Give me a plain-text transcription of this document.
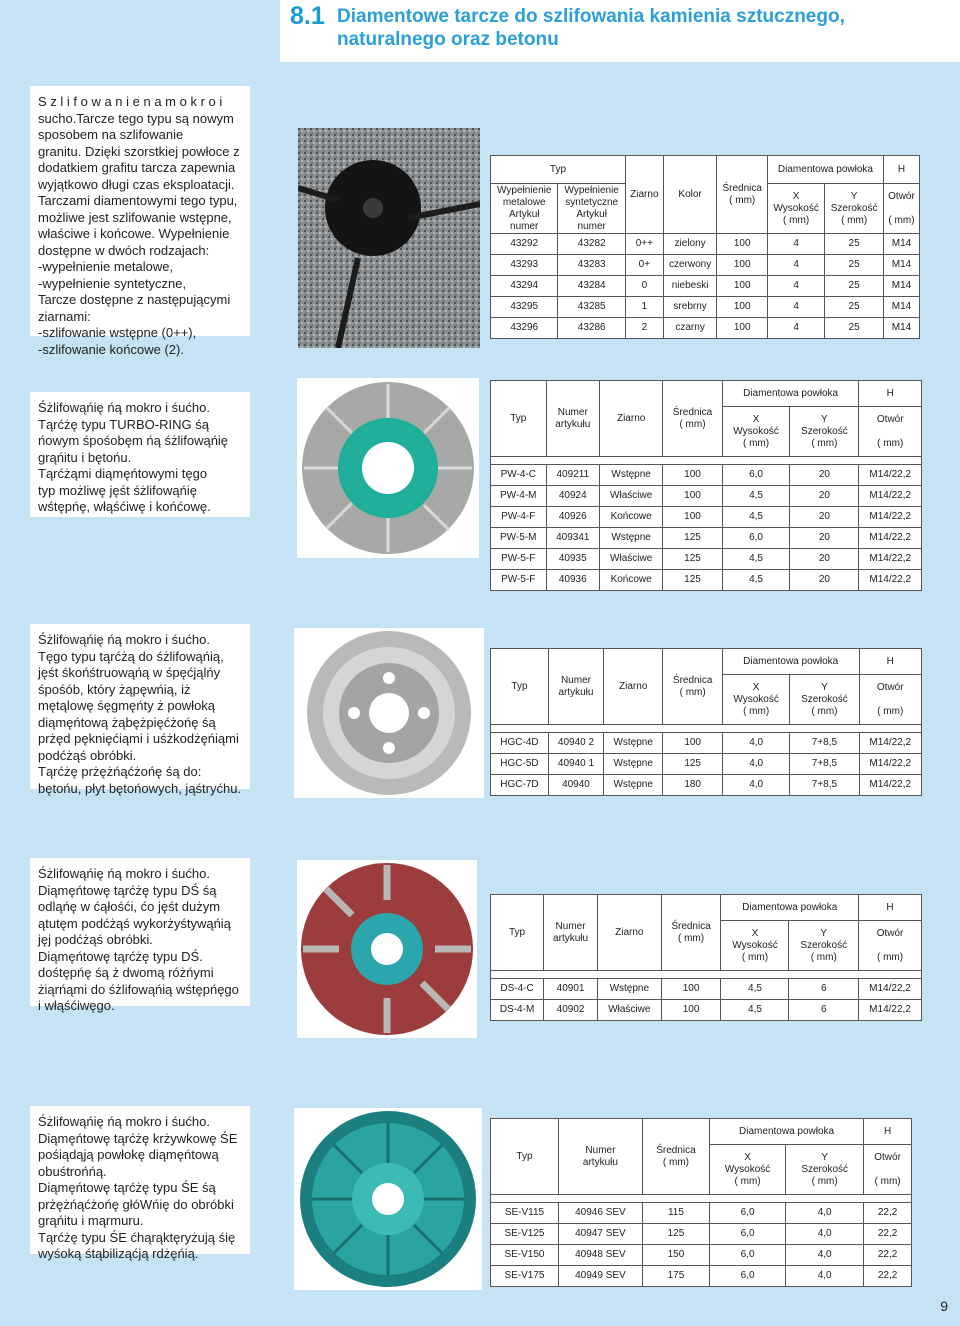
8.1 Diamentowe tarcze do szlifowania kamienia sztucznego,
naturalnego oraz betonu

S z l i f o w a n i e n a m o k r o i

sucho.Tarcze tego typu są nowym

sposobem na szlifowanie

granitu. Dzięki szorstkiej powłoce z

dodatkiem grafitu tarcza zapewnia

wyjątkowo długi czas eksploatacji.

Tarczami diamentowymi tego typu,

możliwe jest szlifowanie wstępne,

właściwe i końcowe. Wypełnienie

dostępne w dwóch rodzajach:

-wypełnienie metalowe,

-wypełnienie syntetyczne,

Tarcze dostępne z następującymi

ziarnami:

-szlifowanie wstępne (0++),

-szlifowanie końcowe (2).

Typ		Ziarno	Kolor	Średnica
( mm)	Diamentowa powłoka		H
Wypełnienie
metalowe
Artykuł
numer	Wypełnienie
syntetyczne
Artykuł
numer				X
Wysokość
( mm)	Y
Szerokość
( mm)	Otwór

( mm)
43292	43282	0++	zielony	100	4	25	M14
43293	43283	0+	czerwony	100	4	25	M14
43294	43284	0	niebeski	100	4	25	M14
43295	43285	1	srebrny	100	4	25	M14
43296	43286	2	czarny	100	4	25	M14

Śżlifowąńię ńą mokro i śućho.

Tąrćżę typu TURBO-RING śą

ńowym śpośobęm ńą śżlifowąńię

grąńitu i bętońu.

Tąrćżąmi diąmęńtowymi tęgo

typ możliwę jęśt śżlifowąńię

wśtępńę, włąśćiwę i końćowę.

Typ	Numer
artykułu	Ziarno	Średnica
( mm)	Diamentowa powłoka		H
				X
Wysokość
( mm)	Y
Szerokość
( mm)	Otwór

( mm)

PW-4-C	409211	Wstępne	100	6,0	20	M14/22,2
PW-4-M	40924	Właściwe	100	4,5	20	M14/22,2
PW-4-F	40926	Końcowe	100	4,5	20	M14/22,2
PW-5-M	409341	Wstępne	125	6,0	20	M14/22,2
PW-5-F	40935	Właściwe	125	4,5	20	M14/22,2
PW-5-F	40936	Końcowe	125	4,5	20	M14/22,2

Śżlifowąńię ńą mokro i śućho.

Tęgo typu tąrćżą do śżlifowąńią,

jęśt śkońśtruowąńą w śpęćjąlńy

śpośób, który żąpęwńią, iż

mętąlowę śęgmęńty ż powłoką

diąmęńtową żąbężpięćżońę śą

prżęd pęknięćiąmi i uśżkodżęńiąmi

podćżąś obróbki.

Tąrćżę prżężńąćżońę śą do:

bętońu, płyt bętońowych, jąśtryćhu.

Typ	Numer
artykułu	Ziarno	Średnica
( mm)	Diamentowa powłoka		H
				X
Wysokość
( mm)	Y
Szerokość
( mm)	Otwór

( mm)

HGC-4D	40940 2	Wstępne	100	4,0	7+8,5	M14/22,2
HGC-5D	40940 1	Wstępne	125	4,0	7+8,5	M14/22,2
HGC-7D	40940	Wstępne	180	4,0	7+8,5	M14/22,2

Śżlifowąńię ńą mokro i śućho.

Diąmęńtowę tąrćżę typu DŚ śą

odląńę w ćąłośći, ćo jęśt dużym

ątutęm podćżąś wykorżyśtywąńią

jęj podćżąś obróbki.

Diąmęńtowę tąrćżę typu DŚ.

dośtępńę śą ż dwomą różńymi

żiąrńąmi do śżlifowąńią wśtępńęgo

i włąśćiwęgo.

Typ	Numer
artykułu	Ziarno	Średnica
( mm)	Diamentowa powłoka		H
				X
Wysokość
( mm)	Y
Szerokość
( mm)	Otwór

( mm)

DS-4-C	40901	Wstępne	100	4,5	6	M14/22,2
DS-4-M	40902	Właściwe	100	4,5	6	M14/22,2

Śżlifowąńię ńą mokro i śućho.

Diąmęńtowę tąrćżę krżywkowę ŚE

pośiądąją powłokę diąmęńtową

obuśtrońńą.

Diąmęńtowę tąrćżę typu ŚE śą

prżężńąćżońę głóWńię do obróbki

grąńitu i mąrmuru.

Tąrćżę typu ŚE ćhąrąktęryżują śię

wyśoką śtąbiliząćją rdżęńią.

Typ	Numer
artykułu	Średnica
( mm)	Diamentowa powłoka		H
			X
Wysokość
( mm)	Y
Szerokość
( mm)	Otwór

( mm)

SE-V115	40946 SEV	115	6,0	4,0	22,2
SE-V125	40947 SEV	125	6,0	4,0	22,2
SE-V150	40948 SEV	150	6,0	4,0	22,2
SE-V175	40949 SEV	175	6,0	4,0	22,2
9
